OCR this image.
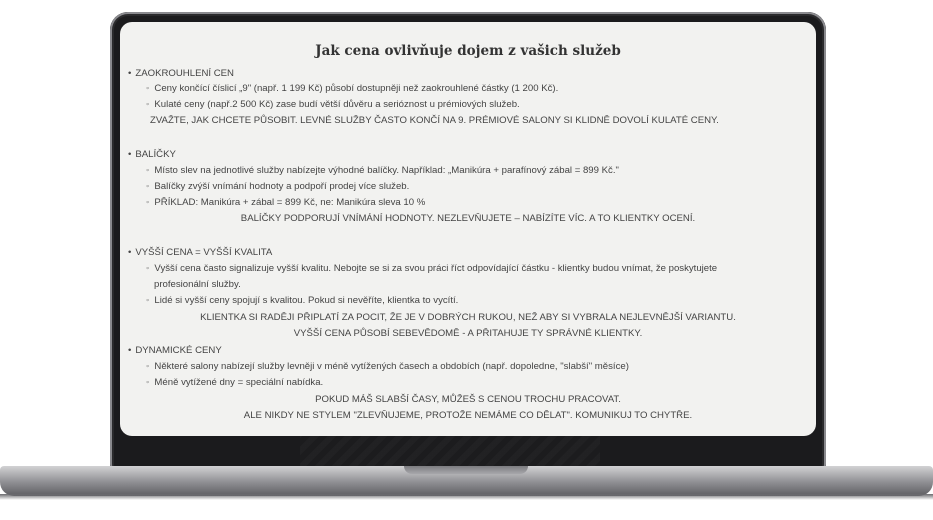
Jak cena ovlivňuje dojem z vašich služeb
• ZAOKROUHLENÍ CEN
◦ Ceny končící číslicí „9" (např. 1 199 Kč) působí dostupněji než zaokrouhlené částky (1 200 Kč).
◦ Kulaté ceny (např.2 500 Kč) zase budí větší důvěru a serióznost u prémiových služeb.
ZVAŽTE, JAK CHCETE PŮSOBIT. LEVNÉ SLUŽBY ČASTO KONČÍ NA 9. PRÉMIOVÉ SALONY SI KLIDNĚ DOVOLÍ KULATÉ CENY.
• BALÍČKY
◦ Místo slev na jednotlivé služby nabízejte výhodné balíčky. Například: „Manikúra + parafínový zábal = 899 Kč."
◦ Balíčky zvýší vnímání hodnoty a podpoří prodej více služeb.
◦ PŘÍKLAD: Manikúra + zábal = 899 Kč, ne: Manikúra sleva 10 %
BALÍČKY PODPORUJÍ VNÍMÁNÍ HODNOTY. NEZLEVŇUJETE – NABÍZÍTE VÍC. A TO KLIENTKY OCENÍ.
• VYŠŠÍ CENA = VYŠŠÍ KVALITA
◦ Vyšší cena často signalizuje vyšší kvalitu. Nebojte se si za svou práci říct odpovídající částku - klientky budou vnímat, že poskytujete
profesionální služby.
◦ Lidé si vyšší ceny spojují s kvalitou. Pokud si nevěříte, klientka to vycítí.
KLIENTKA SI RADĚJI PŘIPLATÍ ZA POCIT, ŽE JE V DOBRÝCH RUKOU, NEŽ ABY SI VYBRALA NEJLEVNĚJŠÍ VARIANTU.
VYŠŠÍ CENA PŮSOBÍ SEBEVĚDOMĚ - A PŘITAHUJE TY SPRÁVNÉ KLIENTKY.
• DYNAMICKÉ CENY
◦ Některé salony nabízejí služby levněji v méně vytížených časech a obdobích (např. dopoledne, "slabší" měsíce)
◦ Méně vytížené dny = speciální nabídka.
POKUD MÁŠ SLABŠÍ ČASY, MŮŽEŠ S CENOU TROCHU PRACOVAT.
ALE NIKDY NE STYLEM "ZLEVŇUJEME, PROTOŽE NEMÁME CO DĚLAT". KOMUNIKUJ TO CHYTŘE.
